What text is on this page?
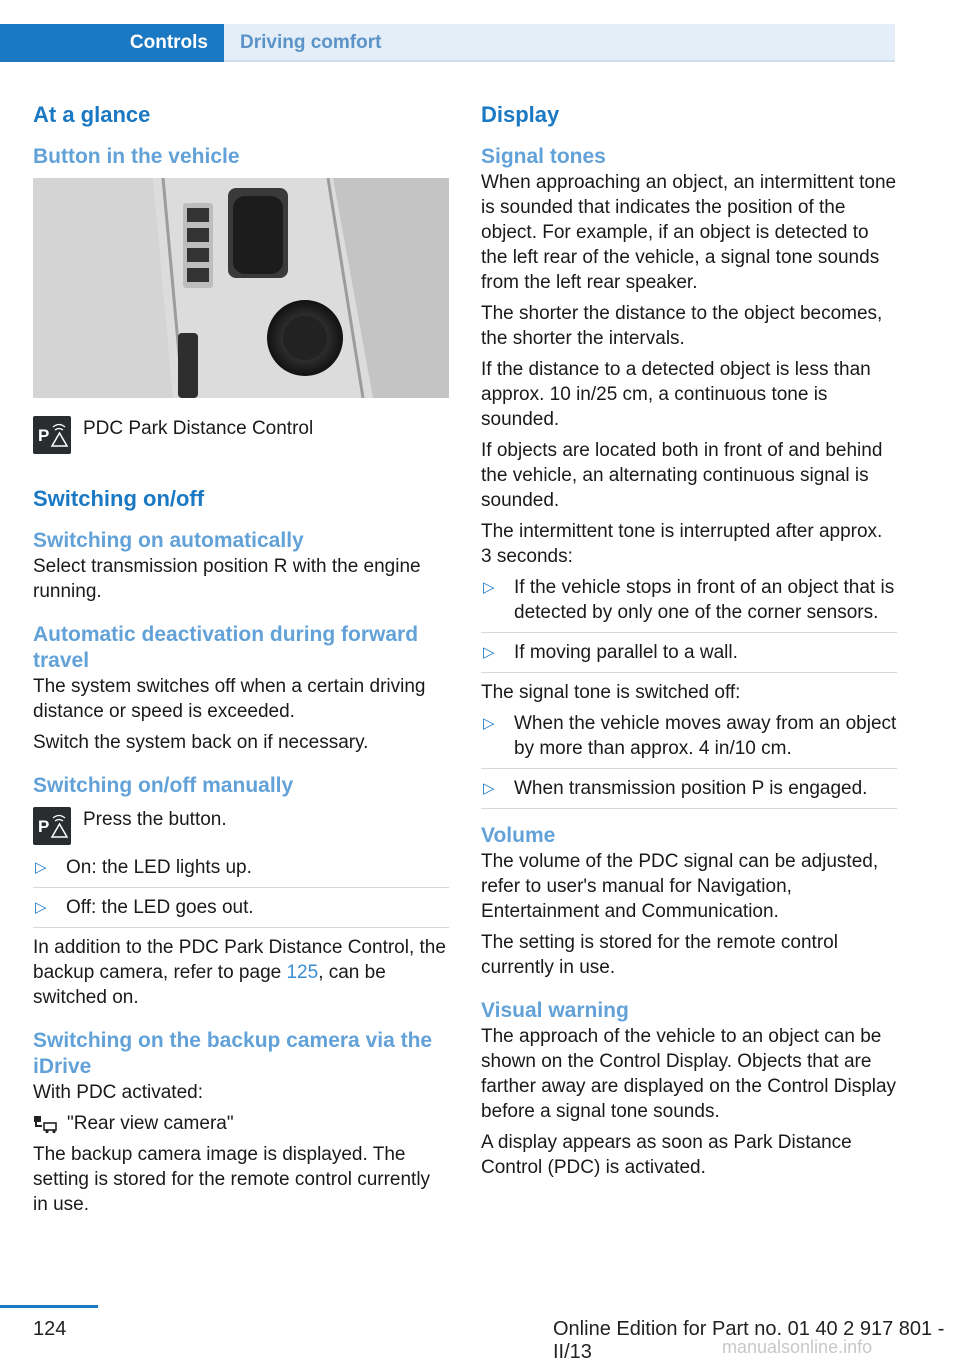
Controls	Driving comfort
At a glance
Button in the vehicle
P PDC Park Distance Control
Switching on/off
Switching on automatically
Select transmission position R with the engine running.
Automatic deactivation during forward travel
The system switches off when a certain driving distance or speed is exceeded.
Switch the system back on if necessary.
Switching on/off manually
P Press the button.
▷ On: the LED lights up.
▷ Off: the LED goes out.
In addition to the PDC Park Distance Control, the backup camera, refer to page 125, can be switched on.
Switching on the backup camera via the iDrive
With PDC activated:
"Rear view camera"
The backup camera image is displayed. The setting is stored for the remote control currently in use.
Display
Signal tones
When approaching an object, an intermittent tone is sounded that indicates the position of the object. For example, if an object is detected to the left rear of the vehicle, a signal tone sounds from the left rear speaker.
The shorter the distance to the object becomes, the shorter the intervals.
If the distance to a detected object is less than approx. 10 in/25 cm, a continuous tone is sounded.
If objects are located both in front of and behind the vehicle, an alternating continuous signal is sounded.
The intermittent tone is interrupted after approx. 3 seconds:
▷ If the vehicle stops in front of an object that is detected by only one of the corner sensors.
▷ If moving parallel to a wall.
The signal tone is switched off:
▷ When the vehicle moves away from an object by more than approx. 4 in/10 cm.
▷ When transmission position P is engaged.
Volume
The volume of the PDC signal can be adjusted, refer to user's manual for Navigation, Entertainment and Communication.
The setting is stored for the remote control currently in use.
Visual warning
The approach of the vehicle to an object can be shown on the Control Display. Objects that are farther away are displayed on the Control Display before a signal tone sounds.
A display appears as soon as Park Distance Control (PDC) is activated.
124	Online Edition for Part no. 01 40 2 917 801 - II/13	manualsonline.info
